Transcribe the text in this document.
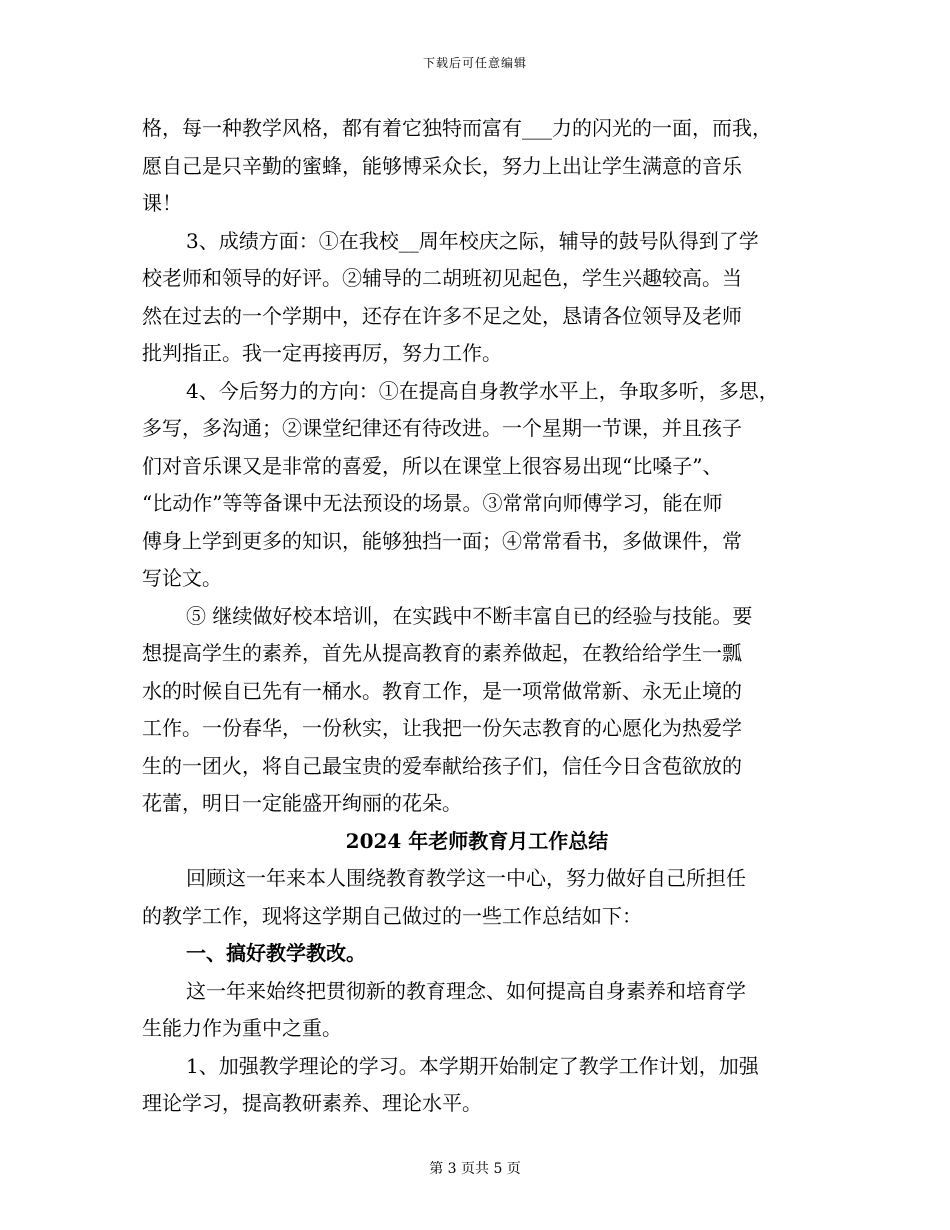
下载后可任意编辑
格，每一种教学风格，都有着它独特而富有___力的闪光的一面，而我，
愿自己是只辛勤的蜜蜂，能够博采众长，努力上出让学生满意的音乐
课！
3、成绩方面：①在我校__周年校庆之际，辅导的鼓号队得到了学
校老师和领导的好评。②辅导的二胡班初见起色，学生兴趣较高。当
然在过去的一个学期中，还存在许多不足之处，恳请各位领导及老师
批判指正。我一定再接再厉，努力工作。
4、今后努力的方向：①在提高自身教学水平上，争取多听，多思，
多写，多沟通；②课堂纪律还有待改进。一个星期一节课，并且孩子
们对音乐课又是非常的喜爱，所以在课堂上很容易出现“比嗓子”、
“比动作”等等备课中无法预设的场景。③常常向师傅学习，能在师
傅身上学到更多的知识，能够独挡一面；④常常看书，多做课件，常
写论文。
⑤ 继续做好校本培训，在实践中不断丰富自已的经验与技能。要
想提高学生的素养，首先从提高教育的素养做起，在教给给学生一瓢
水的时候自已先有一桶水。教育工作，是一项常做常新、永无止境的
工作。一份春华，一份秋实，让我把一份矢志教育的心愿化为热爱学
生的一团火，将自己最宝贵的爱奉献给孩子们，信任今日含苞欲放的
花蕾，明日一定能盛开绚丽的花朵。
2024 年老师教育月工作总结
回顾这一年来本人围绕教育教学这一中心，努力做好自己所担任
的教学工作，现将这学期自己做过的一些工作总结如下：
一、搞好教学教改。
这一年来始终把贯彻新的教育理念、如何提高自身素养和培育学
生能力作为重中之重。
1、加强教学理论的学习。本学期开始制定了教学工作计划，加强
理论学习，提高教研素养、理论水平。
第 3 页共 5 页
